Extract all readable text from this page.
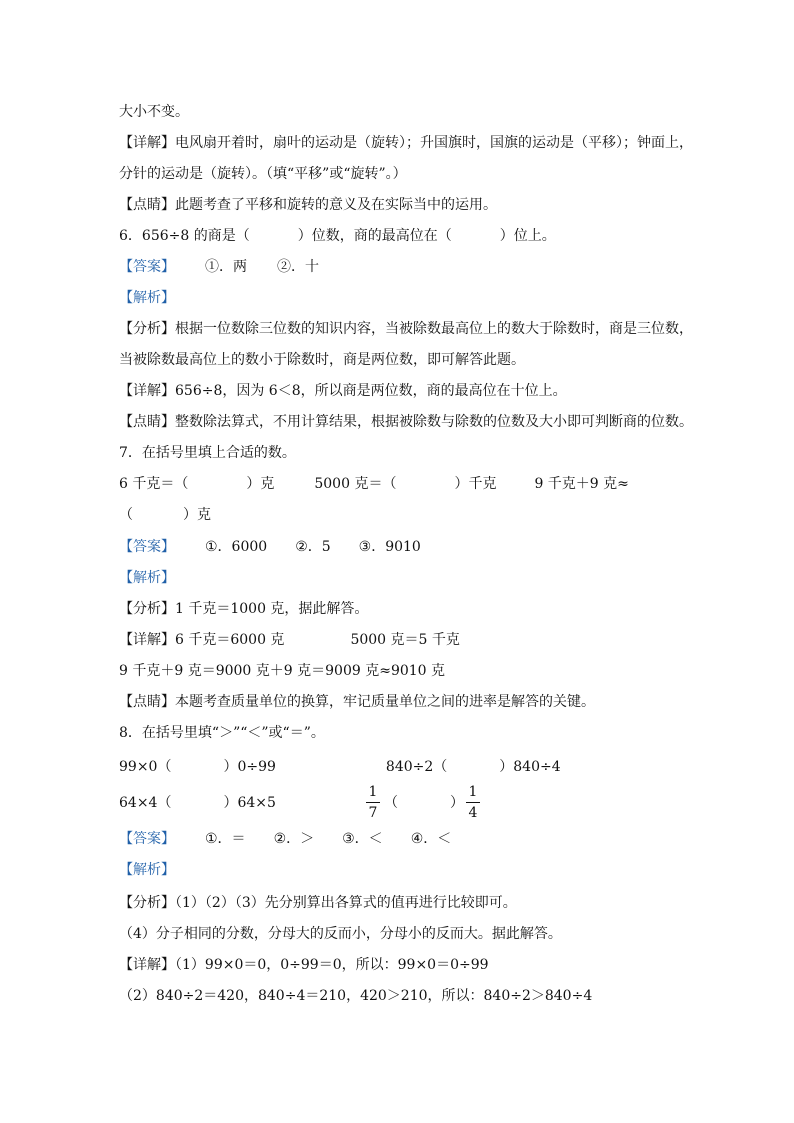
大小不变。
【详解】电风扇开着时，扇叶的运动是（旋转）；升国旗时，国旗的运动是（平移）；钟面上，
分针的运动是（旋转）。（填“平移”或“旋转”。）
【点睛】此题考查了平移和旋转的意义及在实际当中的运用。
6．656÷8 的商是（	）位数，商的最高位在（	）位上。
【答案】 ①．两 ②．十
【解析】
【分析】根据一位数除三位数的知识内容，当被除数最高位上的数大于除数时，商是三位数，
当被除数最高位上的数小于除数时，商是两位数，即可解答此题。
【详解】656÷8，因为 6＜8，所以商是两位数，商的最高位在十位上。
【点睛】整数除法算式，不用计算结果，根据被除数与除数的位数及大小即可判断商的位数。
7．在括号里填上合适的数。
6 千克＝（	）克	5000 克＝（	）千克	9 千克＋9 克≈
（	）克
【答案】 ①．6000 ②．5 ③．9010
【解析】
【分析】1 千克＝1000 克，据此解答。
【详解】6 千克＝6000 克	5000 克＝5 千克
9 千克＋9 克＝9000 克＋9 克＝9009 克≈9010 克
【点睛】本题考查质量单位的换算，牢记质量单位之间的进率是解答的关键。
8．在括号里填“＞”“＜”或“＝”。
99×0（	）0÷99	840÷2（	）840÷4
64×4（	）64×5
1
7
（	）
1
4
【答案】 ①．＝ ②．＞ ③．＜ ④．＜
【解析】
【分析】（1）（2）（3）先分别算出各算式的值再进行比较即可。
（4）分子相同的分数，分母大的反而小，分母小的反而大。据此解答。
【详解】（1）99×0＝0，0÷99＝0，所以：99×0＝0÷99
（2）840÷2＝420，840÷4＝210，420＞210，所以：840÷2＞840÷4
